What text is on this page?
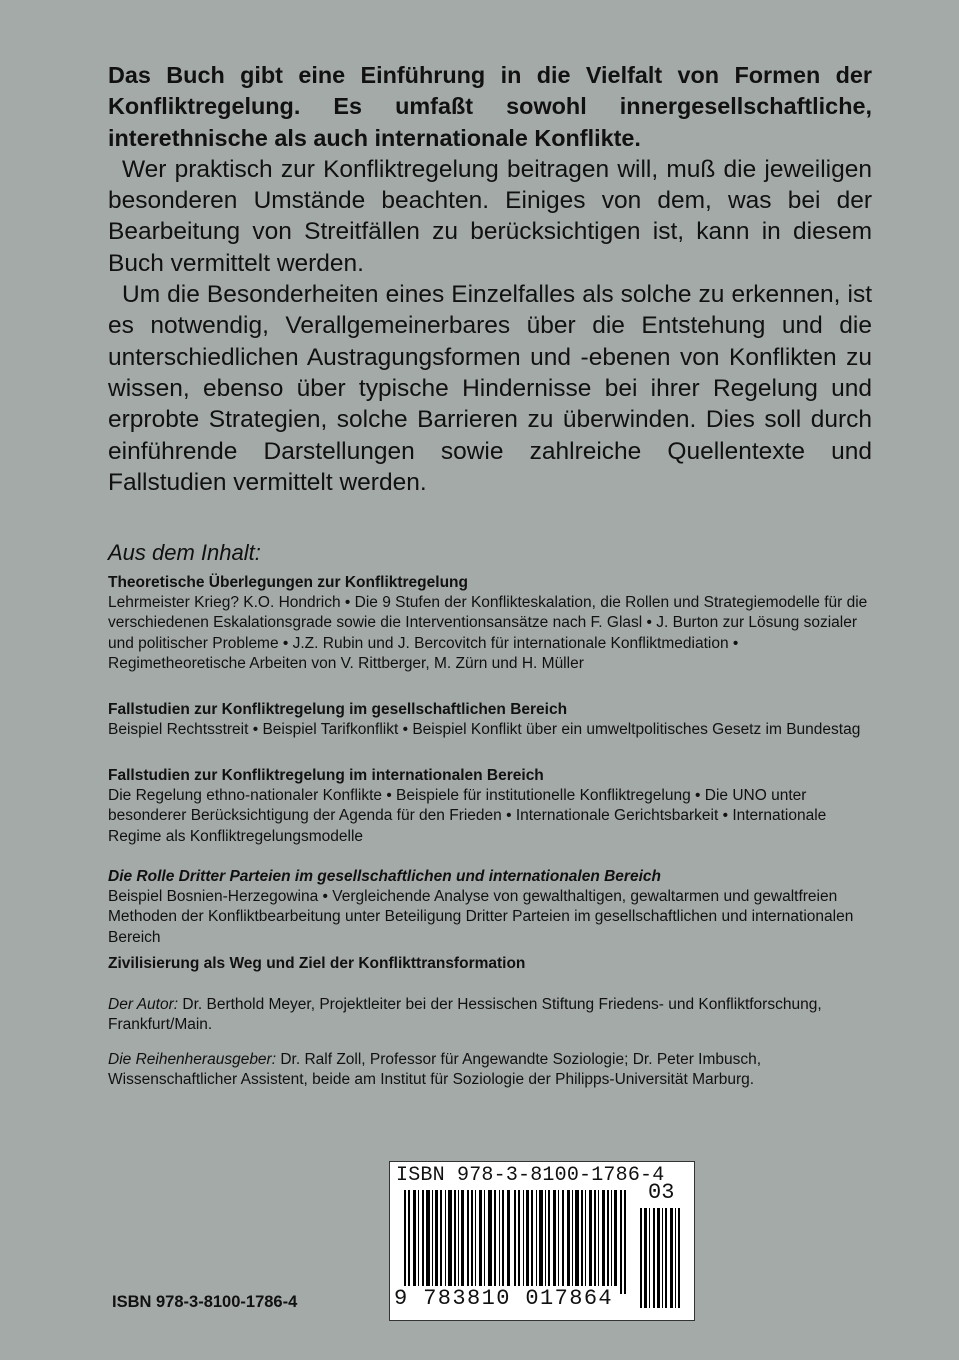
Das Buch gibt eine Einführung in die Vielfalt von Formen der Konfliktregelung. Es umfaßt sowohl innergesellschaftliche, interethnische als auch internationale Konflikte.

Wer praktisch zur Konfliktregelung beitragen will, muß die jeweiligen besonderen Umstände beachten. Einiges von dem, was bei der Bearbeitung von Streitfällen zu berücksichtigen ist, kann in diesem Buch vermittelt werden.

Um die Besonderheiten eines Einzelfalles als solche zu erkennen, ist es notwendig, Verallgemeinerbares über die Entstehung und die unterschiedlichen Austragungsformen und -ebenen von Konflikten zu wissen, ebenso über typische Hindernisse bei ihrer Regelung und erprobte Strategien, solche Barrieren zu überwinden. Dies soll durch einführende Darstellungen sowie zahlreiche Quellentexte und Fallstudien vermittelt werden.

Aus dem Inhalt:

Theoretische Überlegungen zur Konfliktregelung

Lehrmeister Krieg? K.O. Hondrich • Die 9 Stufen der Konflikteskalation, die Rollen und Strategiemodelle für die verschiedenen Eskalationsgrade sowie die Interventionsansätze nach F. Glasl • J. Burton zur Lösung sozialer und politischer Probleme • J.Z. Rubin und J. Bercovitch für internationale Konfliktmediation • Regimetheoretische Arbeiten von V. Rittberger, M. Zürn und H. Müller

Fallstudien zur Konfliktregelung im gesellschaftlichen Bereich

Beispiel Rechtsstreit • Beispiel Tarifkonflikt • Beispiel Konflikt über ein umweltpolitisches Gesetz im Bundestag

Fallstudien zur Konfliktregelung im internationalen Bereich

Die Regelung ethno-nationaler Konflikte • Beispiele für institutionelle Konfliktregelung • Die UNO unter besonderer Berücksichtigung der Agenda für den Frieden • Internationale Gerichtsbarkeit • Internationale Regime als Konfliktregelungsmodelle

Die Rolle Dritter Parteien im gesellschaftlichen und internationalen Bereich

Beispiel Bosnien-Herzegowina • Vergleichende Analyse von gewalthaltigen, gewaltarmen und gewaltfreien Methoden der Konfliktbearbeitung unter Beteiligung Dritter Parteien im gesellschaftlichen und internationalen Bereich

Zivilisierung als Weg und Ziel der Konflikttransformation

Der Autor: Dr. Berthold Meyer, Projektleiter bei der Hessischen Stiftung Friedens- und Konfliktforschung, Frankfurt/Main.

Die Reihenherausgeber: Dr. Ralf Zoll, Professor für Angewandte Soziologie; Dr. Peter Imbusch, Wissenschaftlicher Assistent, beide am Institut für Soziologie der Philipps-Universität Marburg.

ISBN 978-3-8100-1786-4
03
9 783810 017864

ISBN 978-3-8100-1786-4
